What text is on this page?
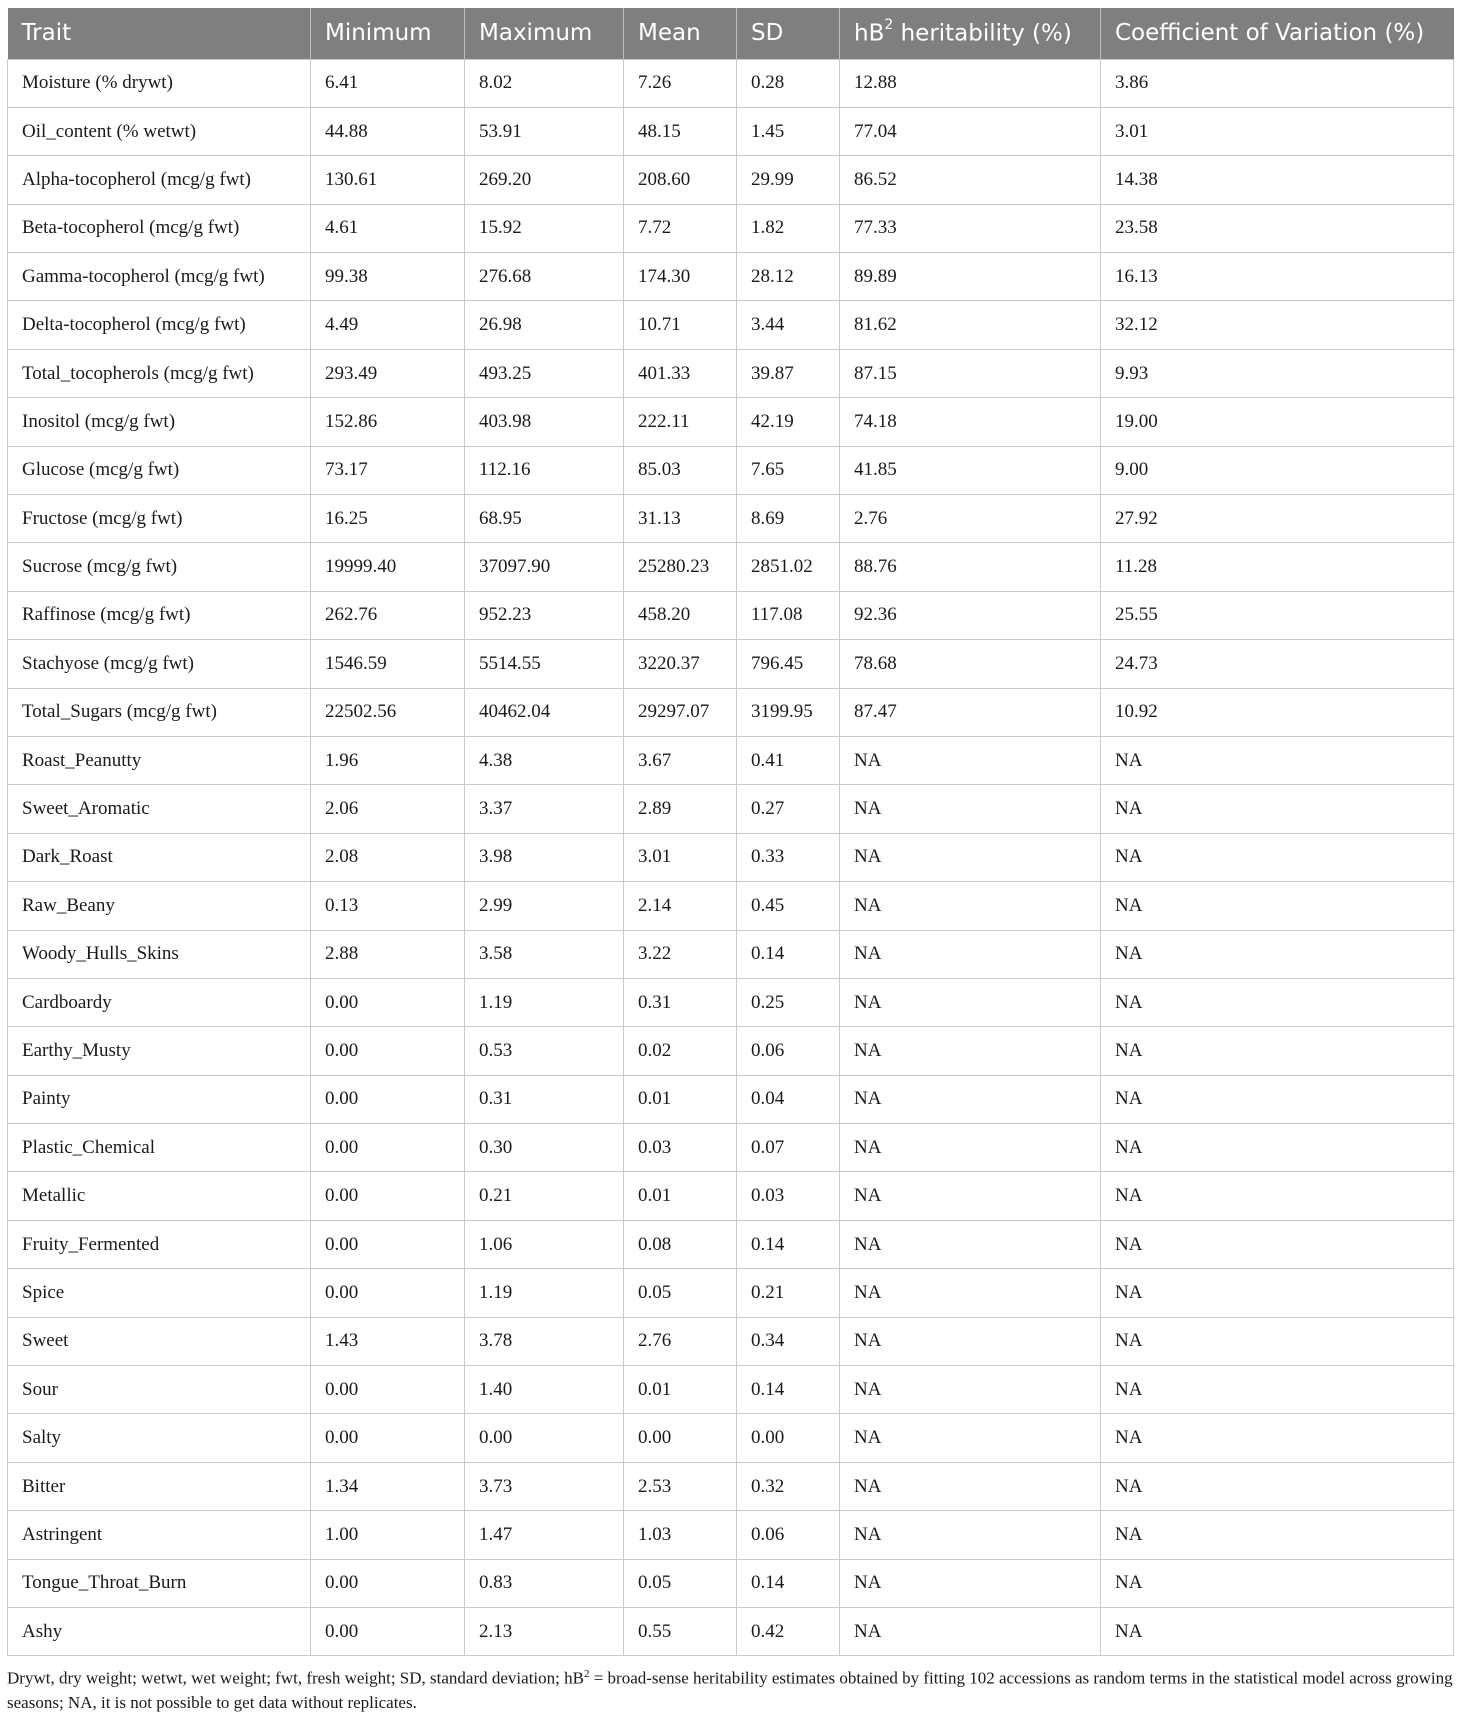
Trait	Minimum	Maximum	Mean	SD	$hB^2$ heritability (%)	Coefficient of Variation (%)
Moisture (% drywt)	6.41	8.02	7.26	0.28	12.88	3.86
Oil_content (% wetwt)	44.88	53.91	48.15	1.45	77.04	3.01
Alpha-tocopherol (mcg/g fwt)	130.61	269.20	208.60	29.99	86.52	14.38
Beta-tocopherol (mcg/g fwt)	4.61	15.92	7.72	1.82	77.33	23.58
Gamma-tocopherol (mcg/g fwt)	99.38	276.68	174.30	28.12	89.89	16.13
Delta-tocopherol (mcg/g fwt)	4.49	26.98	10.71	3.44	81.62	32.12
Total_tocopherols (mcg/g fwt)	293.49	493.25	401.33	39.87	87.15	9.93
Inositol (mcg/g fwt)	152.86	403.98	222.11	42.19	74.18	19.00
Glucose (mcg/g fwt)	73.17	112.16	85.03	7.65	41.85	9.00
Fructose (mcg/g fwt)	16.25	68.95	31.13	8.69	2.76	27.92
Sucrose (mcg/g fwt)	19999.40	37097.90	25280.23	2851.02	88.76	11.28
Raffinose (mcg/g fwt)	262.76	952.23	458.20	117.08	92.36	25.55
Stachyose (mcg/g fwt)	1546.59	5514.55	3220.37	796.45	78.68	24.73
Total_Sugars (mcg/g fwt)	22502.56	40462.04	29297.07	3199.95	87.47	10.92
Roast_Peanutty	1.96	4.38	3.67	0.41	NA	NA
Sweet_Aromatic	2.06	3.37	2.89	0.27	NA	NA
Dark_Roast	2.08	3.98	3.01	0.33	NA	NA
Raw_Beany	0.13	2.99	2.14	0.45	NA	NA
Woody_Hulls_Skins	2.88	3.58	3.22	0.14	NA	NA
Cardboardy	0.00	1.19	0.31	0.25	NA	NA
Earthy_Musty	0.00	0.53	0.02	0.06	NA	NA
Painty	0.00	0.31	0.01	0.04	NA	NA
Plastic_Chemical	0.00	0.30	0.03	0.07	NA	NA
Metallic	0.00	0.21	0.01	0.03	NA	NA
Fruity_Fermented	0.00	1.06	0.08	0.14	NA	NA
Spice	0.00	1.19	0.05	0.21	NA	NA
Sweet	1.43	3.78	2.76	0.34	NA	NA
Sour	0.00	1.40	0.01	0.14	NA	NA
Salty	0.00	0.00	0.00	0.00	NA	NA
Bitter	1.34	3.73	2.53	0.32	NA	NA
Astringent	1.00	1.47	1.03	0.06	NA	NA
Tongue_Throat_Burn	0.00	0.83	0.05	0.14	NA	NA
Ashy	0.00	2.13	0.55	0.42	NA	NA
Drywt, dry weight; wetwt, wet weight; fwt, fresh weight; SD, standard deviation; $hB^2$ = broad-sense heritability estimates obtained by fitting 102 accessions as random terms in the statistical model across growing seasons; NA, it is not possible to get data without replicates.
